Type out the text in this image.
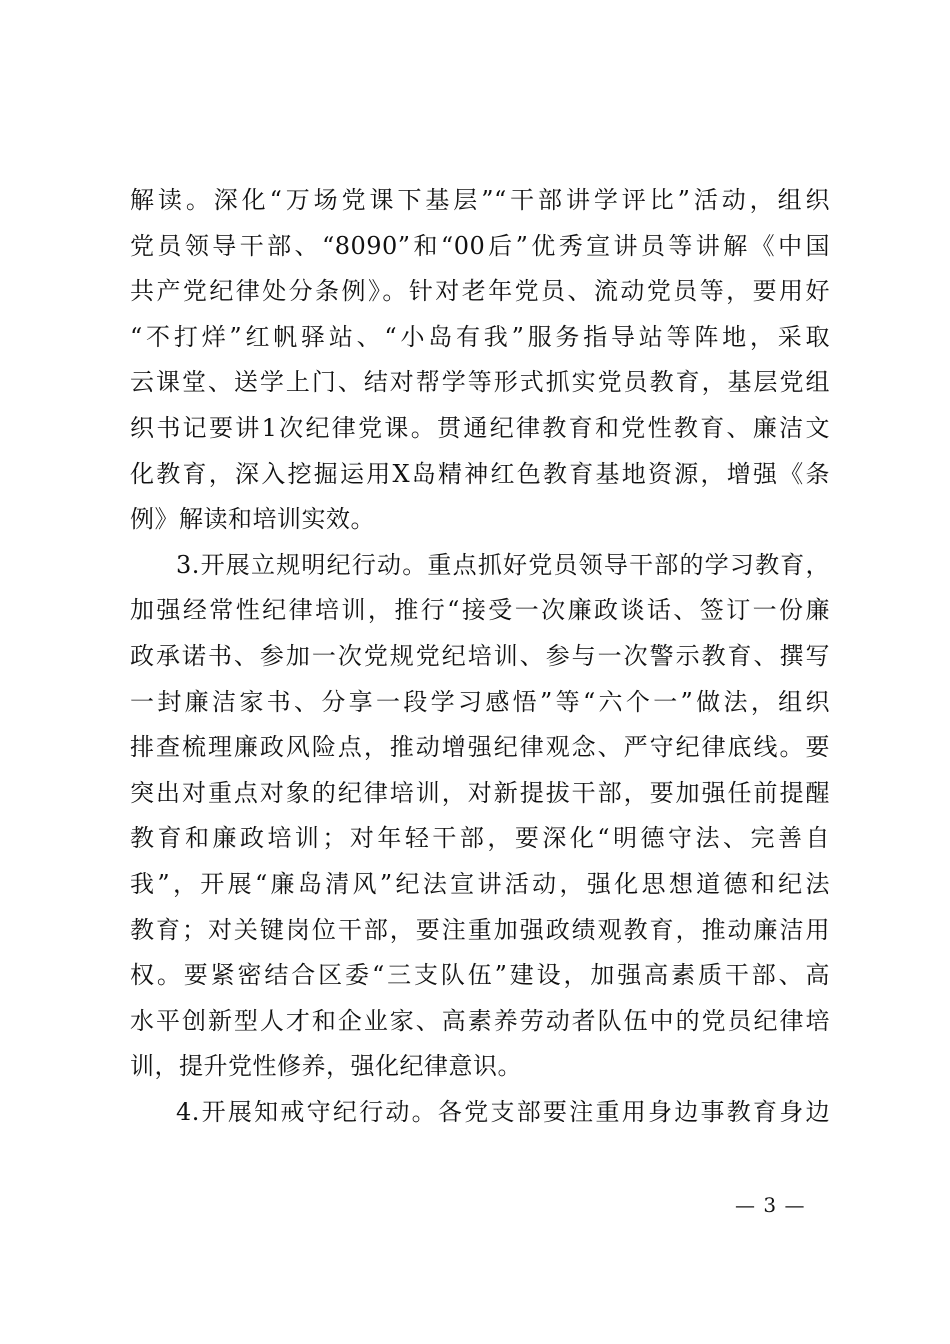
解读。深化“万场党课下基层”“干部讲学评比”活动，组织
党员领导干部、“8090”和“00后”优秀宣讲员等讲解《中国
共产党纪律处分条例》。针对老年党员、流动党员等，要用好
“不打烊”红帆驿站、“小岛有我”服务指导站等阵地，采取
云课堂、送学上门、结对帮学等形式抓实党员教育，基层党组
织书记要讲1次纪律党课。贯通纪律教育和党性教育、廉洁文
化教育，深入挖掘运用X岛精神红色教育基地资源，增强《条
例》解读和培训实效。
3.开展立规明纪行动。重点抓好党员领导干部的学习教育，
加强经常性纪律培训，推行“接受一次廉政谈话、签订一份廉
政承诺书、参加一次党规党纪培训、参与一次警示教育、撰写
一封廉洁家书、分享一段学习感悟”等“六个一”做法，组织
排查梳理廉政风险点，推动增强纪律观念、严守纪律底线。要
突出对重点对象的纪律培训，对新提拔干部，要加强任前提醒
教育和廉政培训；对年轻干部，要深化“明德守法、完善自
我”，开展“廉岛清风”纪法宣讲活动，强化思想道德和纪法
教育；对关键岗位干部，要注重加强政绩观教育，推动廉洁用
权。要紧密结合区委“三支队伍”建设，加强高素质干部、高
水平创新型人才和企业家、高素养劳动者队伍中的党员纪律培
训，提升党性修养，强化纪律意识。
4.开展知戒守纪行动。各党支部要注重用身边事教育身边
— 3 —
